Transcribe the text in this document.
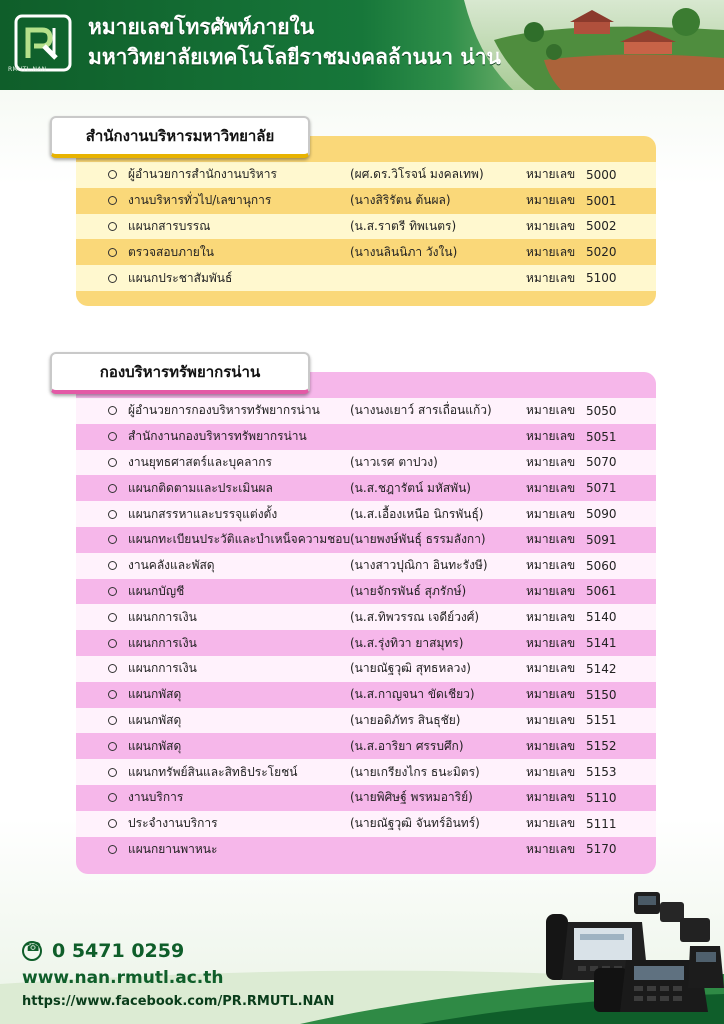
RMUTL.NAN
หมายเลขโทรศัพท์ภายใน
มหาวิทยาลัยเทคโนโลยีราชมงคลล้านนา น่าน
ผู้อำนวยการสำนักงานบริหาร	(ผศ.ดร.วิโรจน์ มงคลเทพ)	หมายเลข 5000
งานบริหารทั่วไป/เลขานุการ	(นางสิริรัตน ต้นผล)	หมายเลข 5001
แผนกสารบรรณ	(น.ส.ราตรี ทิพเนตร)	หมายเลข 5002
ตรวจสอบภายใน	(นางนลินนิภา วังใน)	หมายเลข 5020
แผนกประชาสัมพันธ์	หมายเลข 5100
สำนักงานบริหารมหาวิทยาลัย
ผู้อำนวยการกองบริหารทรัพยากรน่าน	(นางนงเยาว์ สารเถื่อนแก้ว)	หมายเลข 5050
สำนักงานกองบริหารทรัพยากรน่าน	หมายเลข 5051
งานยุทธศาสตร์และบุคลากร	(นาวเรศ ตาปวง)	หมายเลข 5070
แผนกติดตามและประเมินผล	(น.ส.ชฎารัตน์ มหัสพัน)	หมายเลข 5071
แผนกสรรหาและบรรจุแต่งตั้ง	(น.ส.เอื้องเหนือ นิกรพันธุ์)	หมายเลข 5090
แผนกทะเบียนประวัติและบำเหน็จความชอบ (นายพงษ์พันธุ์ ธรรมลังกา)	หมายเลข 5091
งานคลังและพัสดุ	(นางสาวปุณิกา อินทะรังษี)	หมายเลข 5060
แผนกบัญชี	(นายจักรพันธ์ สุภรักษ์)	หมายเลข 5061
แผนกการเงิน	(น.ส.ทิพวรรณ เจดีย์วงศ์)	หมายเลข 5140
แผนกการเงิน	(น.ส.รุ่งทิวา ยาสมุทร)	หมายเลข 5141
แผนกการเงิน	(นายณัฐวุฒิ สุทธหลวง)	หมายเลข 5142
แผนกพัสดุ	(น.ส.กาญจนา ขัดเชียว)	หมายเลข 5150
แผนกพัสดุ	(นายอดิภัทร สินธุชัย)	หมายเลข 5151
แผนกพัสดุ	(น.ส.อาริยา ศรรบศึก)	หมายเลข 5152
แผนกทรัพย์สินและสิทธิประโยชน์	(นายเกรียงไกร ธนะมิตร)	หมายเลข 5153
งานบริการ	(นายพิศิษฐ์ พรหมอาริย์)	หมายเลข 5110
ประจำงานบริการ	(นายณัฐวุฒิ จันทร์อินทร์)	หมายเลข 5111
แผนกยานพาหนะ	หมายเลข 5170
กองบริหารทรัพยากรน่าน
☎
0 5471 0259
www.nan.rmutl.ac.th
https://www.facebook.com/PR.RMUTL.NAN
